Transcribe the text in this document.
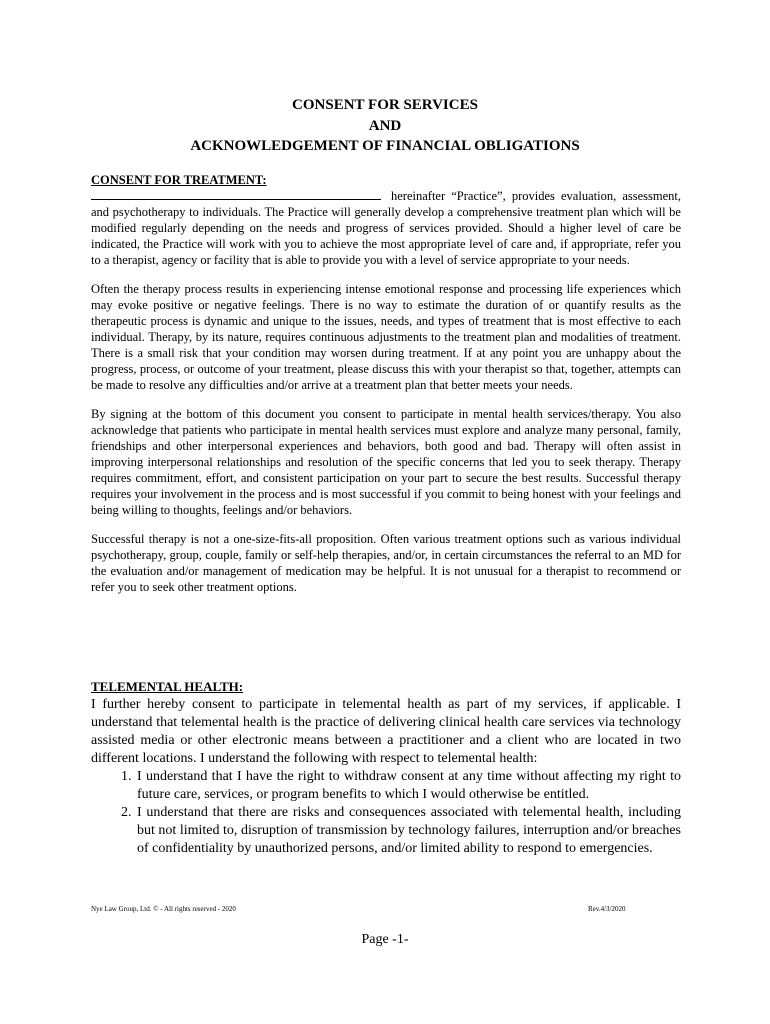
CONSENT FOR SERVICES
AND
ACKNOWLEDGEMENT OF FINANCIAL OBLIGATIONS
CONSENT FOR TREATMENT:

hereinafter “Practice”, provides evaluation, assessment, and psychotherapy to individuals. The Practice will generally develop a comprehensive treatment plan which will be modified regularly depending on the needs and progress of services provided. Should a higher level of care be indicated, the Practice will work with you to achieve the most appropriate level of care and, if appropriate, refer you to a therapist, agency or facility that is able to provide you with a level of service appropriate to your needs.

Often the therapy process results in experiencing intense emotional response and processing life experiences which may evoke positive or negative feelings. There is no way to estimate the duration of or quantify results as the therapeutic process is dynamic and unique to the issues, needs, and types of treatment that is most effective to each individual. Therapy, by its nature, requires continuous adjustments to the treatment plan and modalities of treatment. There is a small risk that your condition may worsen during treatment. If at any point you are unhappy about the progress, process, or outcome of your treatment, please discuss this with your therapist so that, together, attempts can be made to resolve any difficulties and/or arrive at a treatment plan that better meets your needs.

By signing at the bottom of this document you consent to participate in mental health services/therapy. You also acknowledge that patients who participate in mental health services must explore and analyze many personal, family, friendships and other interpersonal experiences and behaviors, both good and bad. Therapy will often assist in improving interpersonal relationships and resolution of the specific concerns that led you to seek therapy. Therapy requires commitment, effort, and consistent participation on your part to secure the best results. Successful therapy requires your involvement in the process and is most successful if you commit to being honest with your feelings and being willing to thoughts, feelings and/or behaviors.

Successful therapy is not a one-size-fits-all proposition. Often various treatment options such as various individual psychotherapy, group, couple, family or self-help therapies, and/or, in certain circumstances the referral to an MD for the evaluation and/or management of medication may be helpful. It is not unusual for a therapist to recommend or refer you to seek other treatment options.

TELEMENTAL HEALTH:

I further hereby consent to participate in telemental health as part of my services, if applicable. I understand that telemental health is the practice of delivering clinical health care services via technology assisted media or other electronic means between a practitioner and a client who are located in two different locations. I understand the following with respect to telemental health:

1. I understand that I have the right to withdraw consent at any time without affecting my right to future care, services, or program benefits to which I would otherwise be entitled.
2. I understand that there are risks and consequences associated with telemental health, including but not limited to, disruption of transmission by technology failures, interruption and/or breaches of confidentiality by unauthorized persons, and/or limited ability to respond to emergencies.
Nye Law Group, Ltd. © - All rights reserved - 2020	Rev.4/3/2020
Page -1-
